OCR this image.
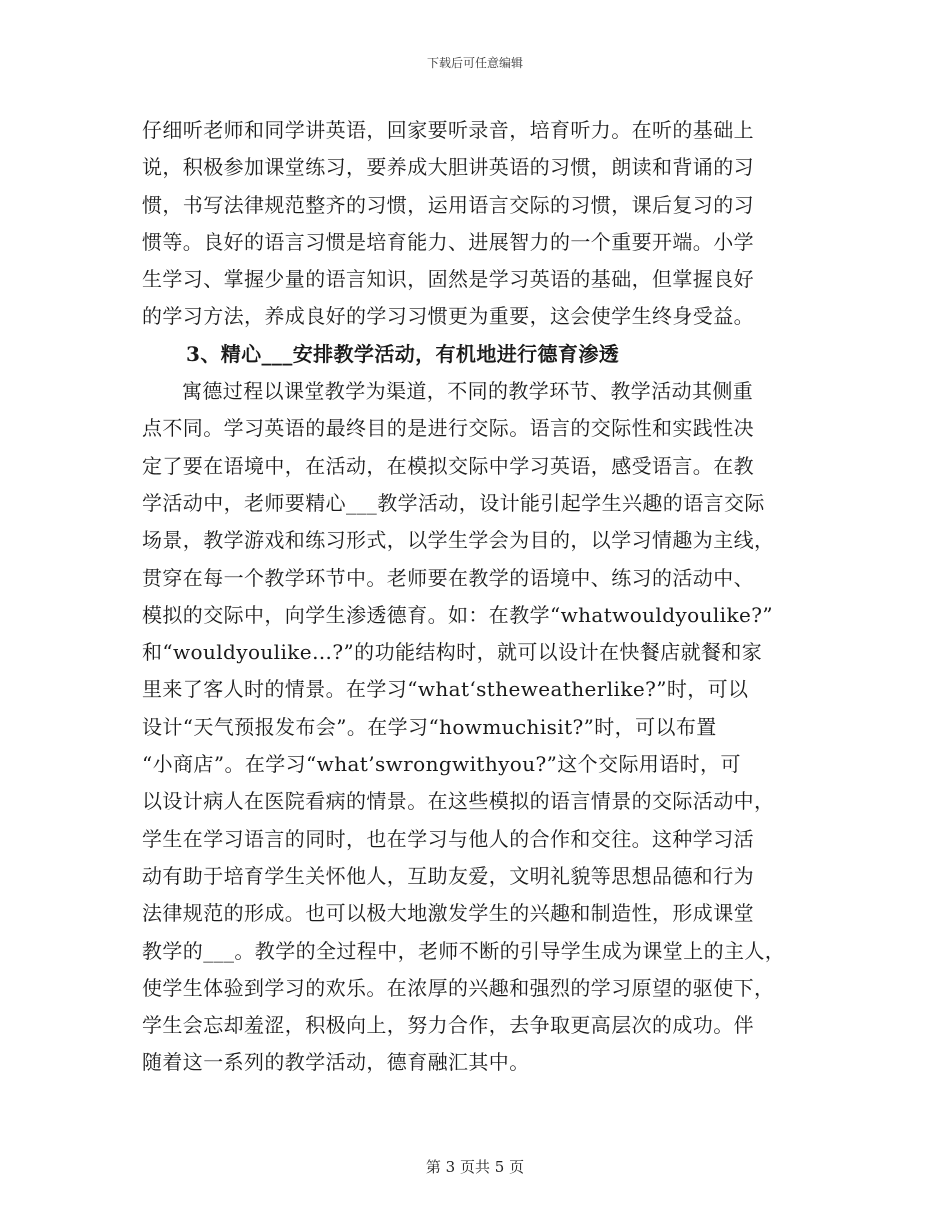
下载后可任意编辑
仔细听老师和同学讲英语，回家要听录音，培育听力。在听的基础上
说，积极参加课堂练习，要养成大胆讲英语的习惯，朗读和背诵的习
惯，书写法律规范整齐的习惯，运用语言交际的习惯，课后复习的习
惯等。良好的语言习惯是培育能力、进展智力的一个重要开端。小学
生学习、掌握少量的语言知识，固然是学习英语的基础，但掌握良好
的学习方法，养成良好的学习习惯更为重要，这会使学生终身受益。
3、精心___安排教学活动，有机地进行德育渗透
寓德过程以课堂教学为渠道，不同的教学环节、教学活动其侧重
点不同。学习英语的最终目的是进行交际。语言的交际性和实践性决
定了要在语境中，在活动，在模拟交际中学习英语，感受语言。在教
学活动中，老师要精心___教学活动，设计能引起学生兴趣的语言交际
场景，教学游戏和练习形式，以学生学会为目的，以学习情趣为主线，
贯穿在每一个教学环节中。老师要在教学的语境中、练习的活动中、
模拟的交际中，向学生渗透德育。如：在教学“whatwouldyoulike?”
和“wouldyoulike…?”的功能结构时，就可以设计在快餐店就餐和家
里来了客人时的情景。在学习“what‘stheweatherlike?”时，可以
设计“天气预报发布会”。在学习“howmuchisit?”时，可以布置
“小商店”。在学习“what’swrongwithyou?”这个交际用语时，可
以设计病人在医院看病的情景。在这些模拟的语言情景的交际活动中，
学生在学习语言的同时，也在学习与他人的合作和交往。这种学习活
动有助于培育学生关怀他人，互助友爱，文明礼貌等思想品德和行为
法律规范的形成。也可以极大地激发学生的兴趣和制造性，形成课堂
教学的___。教学的全过程中，老师不断的引导学生成为课堂上的主人，
使学生体验到学习的欢乐。在浓厚的兴趣和强烈的学习原望的驱使下，
学生会忘却羞涩，积极向上，努力合作，去争取更高层次的成功。伴
随着这一系列的教学活动，德育融汇其中。
第 3 页共 5 页
